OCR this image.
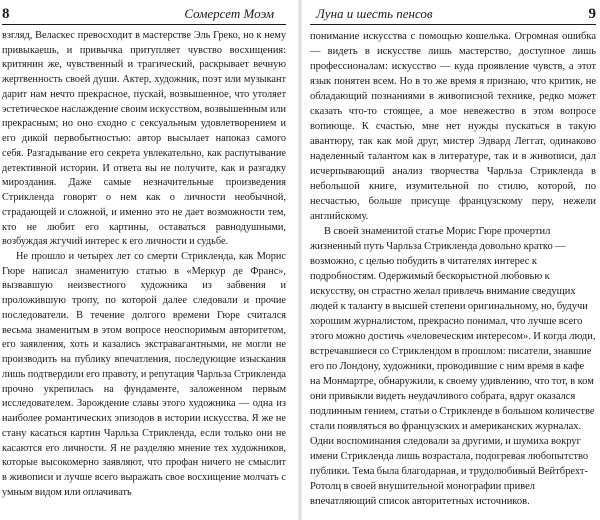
8	Сомерсет Моэм

взгляд, Веласкес превосходит в мастерстве Эль Греко, но к нему привыкаешь, и привычка притупляет чувство восхищения: критянин же, чувственный и трагический, раскрывает вечную жертвенность своей души. Актер, художник, поэт или музыкант дарит нам нечто прекрасное, пускай, возвышенное, что утоляет эстетическое наслаждение своим искусством, возвышенным или прекрасным; но оно сходно с сексуальным удовлетворением и его дикой первобытностью: автор высылает напоказ самого себя. Разгадывание его секрета увлекательно, как распутывание детективной истории. И ответа вы не получите, как и разгадку мироздания. Даже самые незначительные произведения Стрикленда говорят о нем как о личности необычной, страдающей и сложной, и именно это не дает возможности тем, кто не любит его картины, оставаться равнодушными, возбуждая жгучий интерес к его личности и судьбе.

Не прошло и четырех лет со смерти Стрикленда, как Морис Гюре написал знаменитую статью в «Меркур де Франс», вызвавшую неизвестного художника из забвения и проложившую тропу, по которой далее следовали и прочие последователи. В течение долгого времени Гюре считался весьма знаменитым в этом вопросе неоспоримым авторитетом, его заявления, хоть и казались экстравагантными, не могли не производить на публику впечатления, последующие изыскания лишь подтвердили его правоту, и репутация Чарльза Стрикленда прочно укрепилась на фундаменте, заложенном первым исследователем. Зарождение славы этого художника — одна из наиболее романтических эпизодов в истории искусства. Я же не стану касаться картин Чарльза Стрикленда, если только они не касаются его личности. Я не разделяю мнение тех художников, которые высокомерно заявляют, что профан ничего не смыслит в живописи и лучше всего выражать свое восхищение молчать с умным видом или оплачивать

Луна и шесть пенсов	9

понимание искусства с помощью кошелька. Огромная ошибка — видеть в искусстве лишь мастерство, доступное лишь профессионалам: искусство — куда проявление чувств, а этот язык понятен всем. Но в то же время я признаю, что критик, не обладающий познаниями в живописной технике, редко может сказать что-то стоящее, а мое невежество в этом вопросе вопиюще. К счастью, мне нет нужды пускаться в такую авантюру, так как мой друг, мистер Эдвард Леггат, одинаково наделенный талантом как в литературе, так и в живописи, дал исчерпывающий анализ творчества Чарльза Стрикленда в небольшой книге, изумительной по стилю, которой, по несчастью, больше присуще французскому перу, нежели английскому.

В своей знаменитой статье Морис Гюре прочертил жизненный путь Чарльза Стрикленда довольно кратко — возможно, с целью побудить в читателях интерес к подробностям. Одержимый бескорыстной любовью к искусству, он страстно желал привлечь внимание сведущих людей к таланту в высшей степени оригинальному, но, будучи хорошим журналистом, прекрасно понимал, что лучше всего этого можно достичь «человеческим интересом». И когда люди, встречавшиеся со Стриклендом в прошлом: писатели, знавшие его по Лондону, художники, проводившие с ним время в кафе на Монмартре, обнаружили, к своему удивлению, что тот, в ком они привыкли видеть неудачливого собрата, вдруг оказался подлинным гением, статьи о Стрикленде в большом количестве стали появляться во французских и американских журналах. Одни воспоминания следовали за другими, и шумиха вокруг имени Стрикленда лишь возрастала, подогревая любопытство публики. Тема была благодарная, и трудолюбивый Вейтбрехт-Ротолц в своей внушительной монографии привел впечатляющий список авторитетных источников.
